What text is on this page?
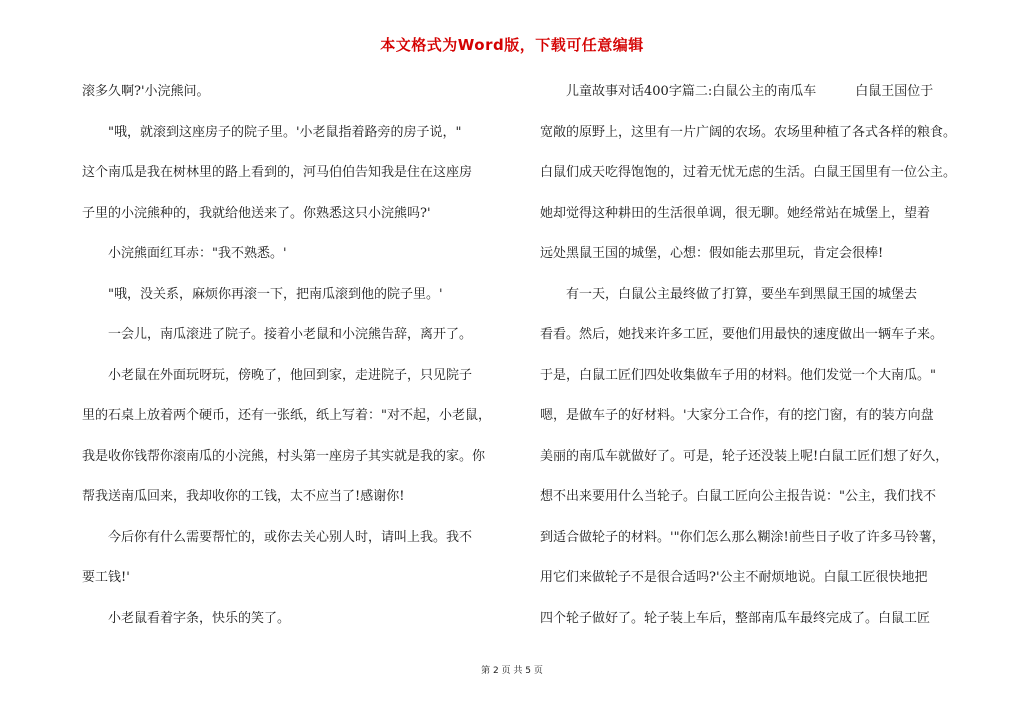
本文格式为Word版，下载可任意编辑
滚多久啊?'小浣熊问。
　　"哦，就滚到这座房子的院子里。'小老鼠指着路旁的房子说，"
这个南瓜是我在树林里的路上看到的，河马伯伯告知我是住在这座房
子里的小浣熊种的，我就给他送来了。你熟悉这只小浣熊吗?'
　　小浣熊面红耳赤："我不熟悉。'
　　"哦，没关系，麻烦你再滚一下，把南瓜滚到他的院子里。'
　　一会儿，南瓜滚进了院子。接着小老鼠和小浣熊告辞，离开了。
　　小老鼠在外面玩呀玩，傍晚了，他回到家，走进院子，只见院子
里的石桌上放着两个硬币，还有一张纸，纸上写着："对不起，小老鼠，
我是收你钱帮你滚南瓜的小浣熊，村头第一座房子其实就是我的家。你
帮我送南瓜回来，我却收你的工钱，太不应当了!感谢你!
　　今后你有什么需要帮忙的，或你去关心别人时，请叫上我。我不
要工钱!'
　　小老鼠看着字条，快乐的笑了。
　　儿童故事对话400字篇二:白鼠公主的南瓜车　　　白鼠王国位于
宽敞的原野上，这里有一片广阔的农场。农场里种植了各式各样的粮食。
白鼠们成天吃得饱饱的，过着无忧无虑的生活。白鼠王国里有一位公主。
她却觉得这种耕田的生活很单调，很无聊。她经常站在城堡上，望着
远处黑鼠王国的城堡，心想：假如能去那里玩，肯定会很棒!
　　有一天，白鼠公主最终做了打算，要坐车到黑鼠王国的城堡去
看看。然后，她找来许多工匠，要他们用最快的速度做出一辆车子来。
于是，白鼠工匠们四处收集做车子用的材料。他们发觉一个大南瓜。"
嗯，是做车子的好材料。'大家分工合作，有的挖门窗，有的装方向盘
美丽的南瓜车就做好了。可是，轮子还没装上呢!白鼠工匠们想了好久，
想不出来要用什么当轮子。白鼠工匠向公主报告说："公主，我们找不
到适合做轮子的材料。'"你们怎么那么糊涂!前些日子收了许多马铃薯，
用它们来做轮子不是很合适吗?'公主不耐烦地说。白鼠工匠很快地把
四个轮子做好了。轮子装上车后，整部南瓜车最终完成了。白鼠工匠
第 2 页 共 5 页
